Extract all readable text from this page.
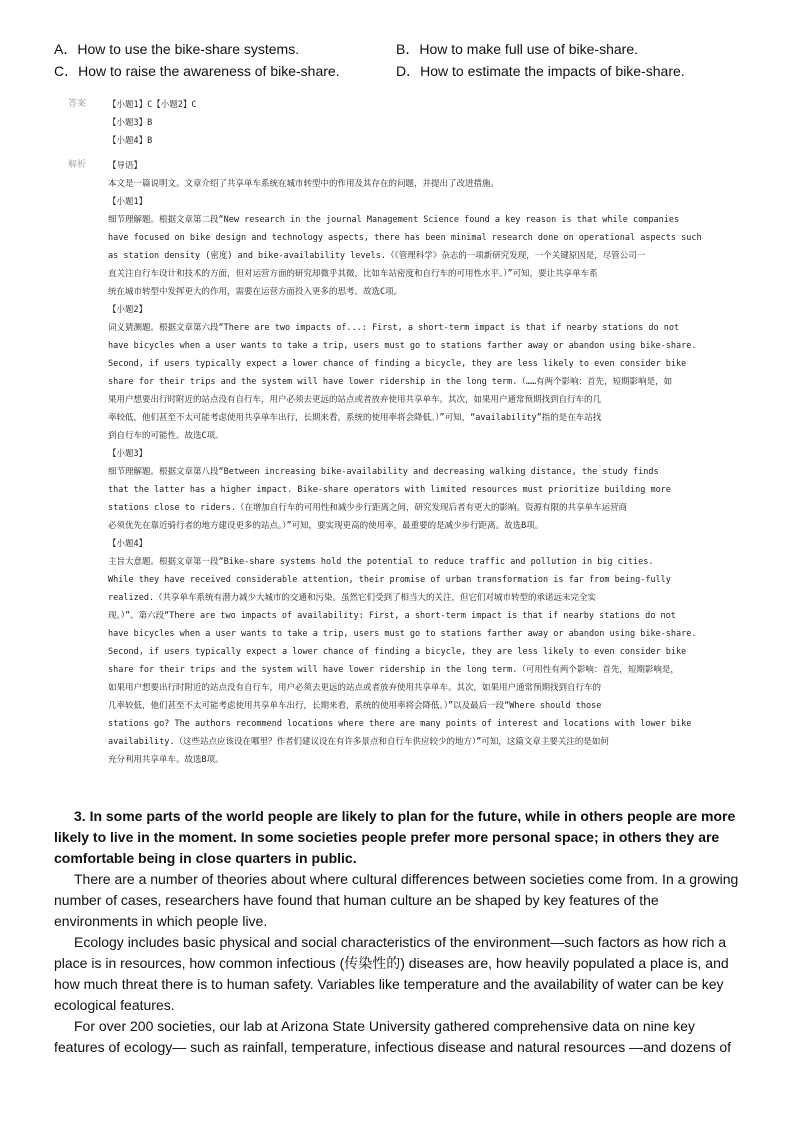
A．How to use the bike-share systems.	B．How to make full use of bike-share.
C．How to raise the awareness of bike-share.	D．How to estimate the impacts of bike-share.
答案	【小题1】C【小题2】C
【小题3】B
【小题4】B
解析	【导语】
本文是一篇说明文。文章介绍了共享单车系统在城市转型中的作用及其存在的问题，并提出了改进措施。
【小题1】
细节理解题。根据文章第二段“New research in the journal Management Science found a key reason is that while companies
have focused on bike design and technology aspects, there has been minimal research done on operational aspects such
as station density (密度) and bike-availability levels.（《管理科学》杂志的一项新研究发现，一个关键原因是，尽管公司一
直关注自行车设计和技术的方面，但对运营方面的研究却微乎其微，比如车站密度和自行车的可用性水平。）”可知，要让共享单车系
统在城市转型中发挥更大的作用，需要在运营方面投入更多的思考。故选C项。
【小题2】
词义猜测题。根据文章第六段“There are two impacts of...: First, a short-term impact is that if nearby stations do not
have bicycles when a user wants to take a trip, users must go to stations farther away or abandon using bike-share.
Second, if users typically expect a lower chance of finding a bicycle, they are less likely to even consider bike
share for their trips and the system will have lower ridership in the long term.（……有两个影响：首先，短期影响是，如
果用户想要出行时附近的站点没有自行车，用户必须去更远的站点或者放弃使用共享单车。其次，如果用户通常预期找到自行车的几
率较低，他们甚至不太可能考虑使用共享单车出行，长期来看，系统的使用率将会降低。）”可知，“availability”指的是在车站找
到自行车的可能性。故选C项。
【小题3】
细节理解题。根据文章第八段“Between increasing bike-availability and decreasing walking distance, the study finds
that the latter has a higher impact. Bike-share operators with limited resources must prioritize building more
stations close to riders.（在增加自行车的可用性和减少步行距离之间，研究发现后者有更大的影响。资源有限的共享单车运营商
必须优先在靠近骑行者的地方建设更多的站点。）”可知，要实现更高的使用率，最重要的是减少步行距离。故选B项。
【小题4】
主旨大意题。根据文章第一段“Bike-share systems hold the potential to reduce traffic and pollution in big cities.
While they have received considerable attention, their promise of urban transformation is far from being-fully
realized.（共享单车系统有潜力减少大城市的交通和污染。虽然它们受到了相当大的关注，但它们对城市转型的承诺远未完全实
现。）”、第六段“There are two impacts of availability: First, a short-term impact is that if nearby stations do not
have bicycles when a user wants to take a trip, users must go to stations farther away or abandon using bike-share.
Second, if users typically expect a lower chance of finding a bicycle, they are less likely to even consider bike
share for their trips and the system will have lower ridership in the long term.（可用性有两个影响：首先，短期影响是，
如果用户想要出行时附近的站点没有自行车，用户必须去更远的站点或者放弃使用共享单车。其次，如果用户通常预期找到自行车的
几率较低，他们甚至不太可能考虑使用共享单车出行，长期来看，系统的使用率将会降低。）”以及最后一段“Where should those
stations go? The authors recommend locations where there are many points of interest and locations with lower bike
availability.（这些站点应该设在哪里？作者们建议设在有许多景点和自行车供应较少的地方）”可知，这篇文章主要关注的是如何
充分利用共享单车。故选B项。

3. In some parts of the world people are likely to plan for the future, while in others people are more likely to live in the moment. In some societies people prefer more personal space; in others they are comfortable being in close quarters in public.

There are a number of theories about where cultural differences between societies come from. In a growing number of cases, researchers have found that human culture an be shaped by key features of the environments in which people live.

Ecology includes basic physical and social characteristics of the environment—such factors as how rich a place is in resources, how common infectious (传染性的) diseases are, how heavily populated a place is, and how much threat there is to human safety. Variables like temperature and the availability of water can be key ecological features.

For over 200 societies, our lab at Arizona State University gathered comprehensive data on nine key features of ecology— such as rainfall, temperature, infectious disease and natural resources —and dozens of
